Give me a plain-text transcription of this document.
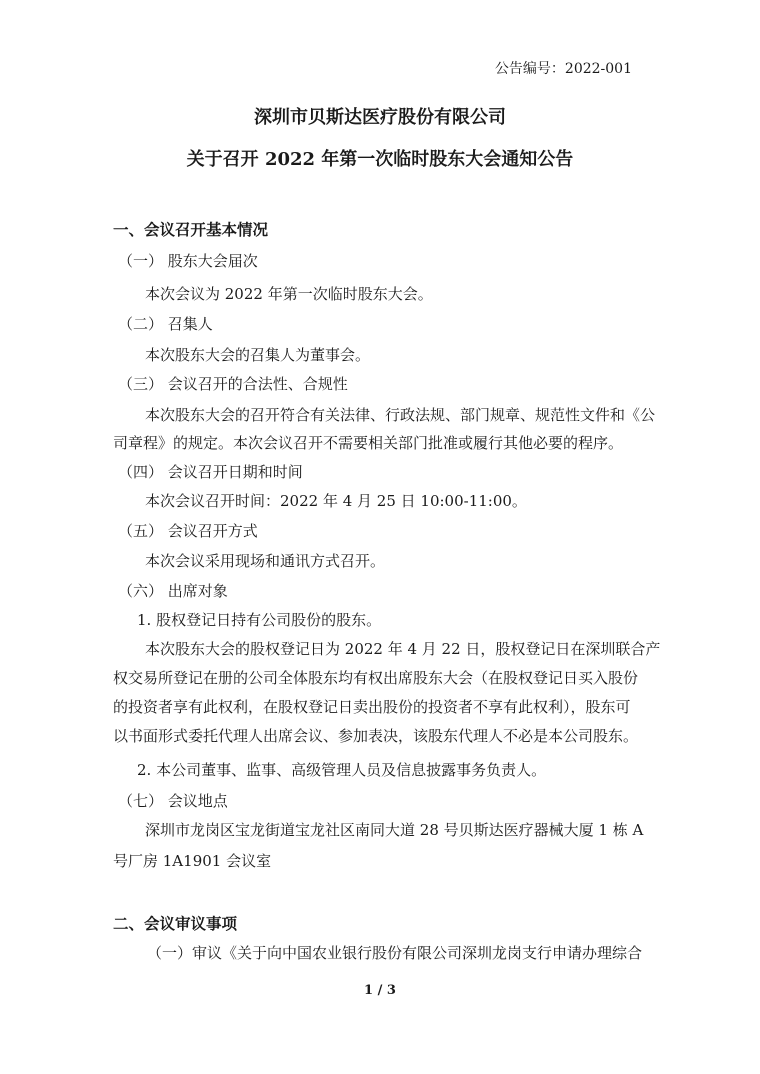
公告编号：2022-001
深圳市贝斯达医疗股份有限公司
关于召开 2022 年第一次临时股东大会通知公告
一、会议召开基本情况
（一） 股东大会届次
本次会议为 2022 年第一次临时股东大会。
（二） 召集人
本次股东大会的召集人为董事会。
（三） 会议召开的合法性、合规性
本次股东大会的召开符合有关法律、行政法规、部门规章、规范性文件和《公
司章程》的规定。本次会议召开不需要相关部门批准或履行其他必要的程序。
（四） 会议召开日期和时间
本次会议召开时间：2022 年 4 月 25 日 10:00-11:00。
（五） 会议召开方式
本次会议采用现场和通讯方式召开。
（六） 出席对象
1. 股权登记日持有公司股份的股东。
本次股东大会的股权登记日为 2022 年 4 月 22 日，股权登记日在深圳联合产
权交易所登记在册的公司全体股东均有权出席股东大会（在股权登记日买入股份
的投资者享有此权利，在股权登记日卖出股份的投资者不享有此权利），股东可
以书面形式委托代理人出席会议、参加表决，该股东代理人不必是本公司股东。
2. 本公司董事、监事、高级管理人员及信息披露事务负责人。
（七） 会议地点
深圳市龙岗区宝龙街道宝龙社区南同大道 28 号贝斯达医疗器械大厦 1 栋 A
号厂房 1A1901 会议室
二、会议审议事项
（一）审议《关于向中国农业银行股份有限公司深圳龙岗支行申请办理综合
1 / 3
